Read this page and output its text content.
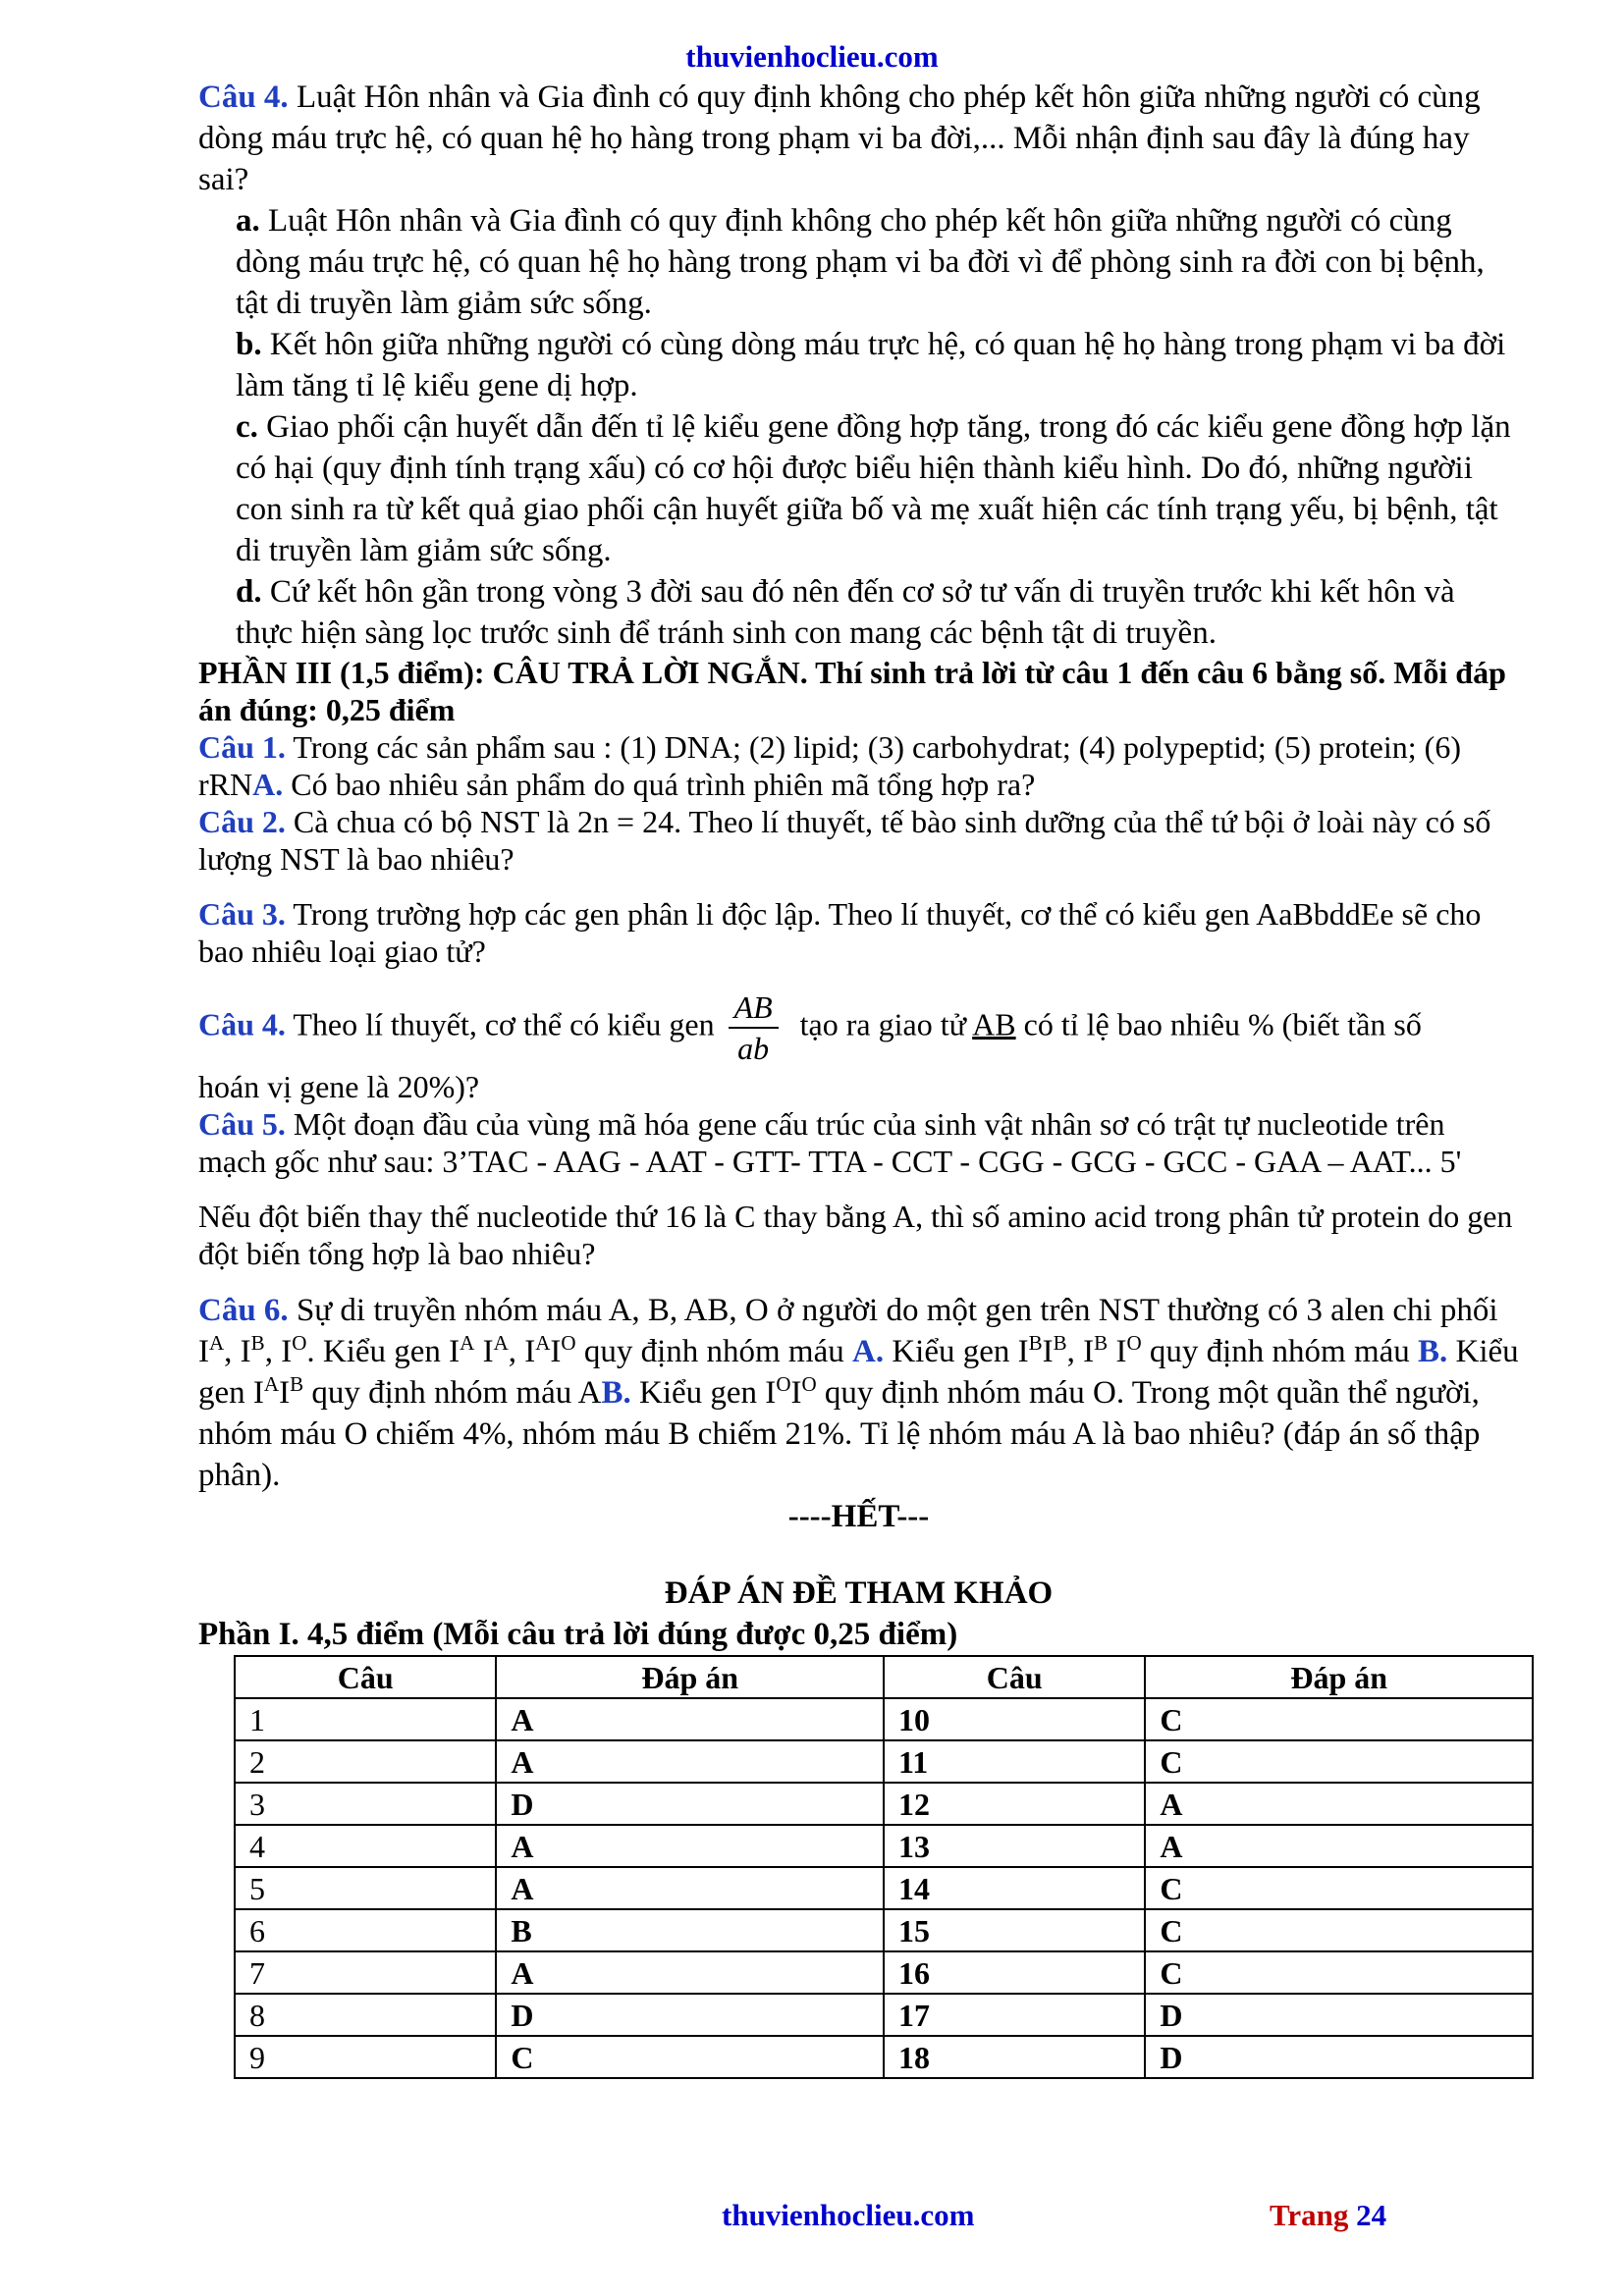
thuvienhoclieu.com

Câu 4. Luật Hôn nhân và Gia đình có quy định không cho phép kết hôn giữa những người có cùng dòng máu trực hệ, có quan hệ họ hàng trong phạm vi ba đời,... Mỗi nhận định sau đây là đúng hay sai?

a. Luật Hôn nhân và Gia đình có quy định không cho phép kết hôn giữa những người có cùng dòng máu trực hệ, có quan hệ họ hàng trong phạm vi ba đời vì để phòng sinh ra đời con bị bệnh, tật di truyền làm giảm sức sống.
b. Kết hôn giữa những người có cùng dòng máu trực hệ, có quan hệ họ hàng trong phạm vi ba đời làm tăng tỉ lệ kiểu gene dị hợp.
c. Giao phối cận huyết dẫn đến tỉ lệ kiểu gene đồng hợp tăng, trong đó các kiểu gene đồng hợp lặn có hại (quy định tính trạng xấu) có cơ hội được biểu hiện thành kiểu hình. Do đó, những ngườii con sinh ra từ kết quả giao phối cận huyết giữa bố và mẹ xuất hiện các tính trạng yếu, bị bệnh, tật di truyền làm giảm sức sống.
d. Cứ kết hôn gần trong vòng 3 đời sau đó nên đến cơ sở tư vấn di truyền trước khi kết hôn và thực hiện sàng lọc trước sinh để tránh sinh con mang các bệnh tật di truyền.

PHẦN III (1,5 điểm): CÂU TRẢ LỜI NGẮN. Thí sinh trả lời từ câu 1 đến câu 6 bằng số. Mỗi đáp án đúng: 0,25 điểm

Câu 1. Trong các sản phẩm sau : (1) DNA; (2) lipid; (3) carbohydrat; (4) polypeptid; (5) protein; (6) rRNA. Có bao nhiêu sản phẩm do quá trình phiên mã tổng hợp ra?

Câu 2. Cà chua có bộ NST là 2n = 24. Theo lí thuyết, tế bào sinh dưỡng của thể tứ bội ở loài này có số lượng NST là bao nhiêu?

Câu 3. Trong trường hợp các gen phân li độc lập. Theo lí thuyết, cơ thể có kiểu gen AaBbddEe sẽ cho bao nhiêu loại giao tử?

Câu 4. Theo lí thuyết, cơ thể có kiểu gen $\frac{AB}{ab}$ tạo ra giao tử AB có tỉ lệ bao nhiêu % (biết tần số

hoán vị gene là 20%)?

Câu 5. Một đoạn đầu của vùng mã hóa gene cấu trúc của sinh vật nhân sơ có trật tự nucleotide trên mạch gốc như sau: 3’TAC - AAG - AAT - GTT- TTA - CCT - CGG - GCG - GCC - GAA – AAT... 5'

Nếu đột biến thay thế nucleotide thứ 16 là C thay bằng A, thì số amino acid trong phân tử protein do gen đột biến tổng hợp là bao nhiêu?

Câu 6. Sự di truyền nhóm máu A, B, AB, O ở người do một gen trên NST thường có 3 alen chi phối $I^A$, $I^B$, $I^O$. Kiểu gen $I^A$ $I^A$, $I^AI^O$ quy định nhóm máu A. Kiểu gen $I^BI^B$, $I^B$ $I^O$ quy định nhóm máu B. Kiểu gen $I^AI^B$ quy định nhóm máu AB. Kiểu gen $I^OI^O$ quy định nhóm máu O. Trong một quần thể người, nhóm máu O chiếm 4%, nhóm máu B chiếm 21%. Tỉ lệ nhóm máu A là bao nhiêu? (đáp án số thập phân).

----HẾT---

ĐÁP ÁN ĐỀ THAM KHẢO
Phần I. 4,5 điểm (Mỗi câu trả lời đúng được 0,25 điểm)
Câu	Đáp án	Câu	Đáp án
1	A	10	C
2	A	11	C
3	D	12	A
4	A	13	A
5	A	14	C
6	B	15	C
7	A	16	C
8	D	17	D
9	C	18	D
thuvienhoclieu.com	Trang 24
